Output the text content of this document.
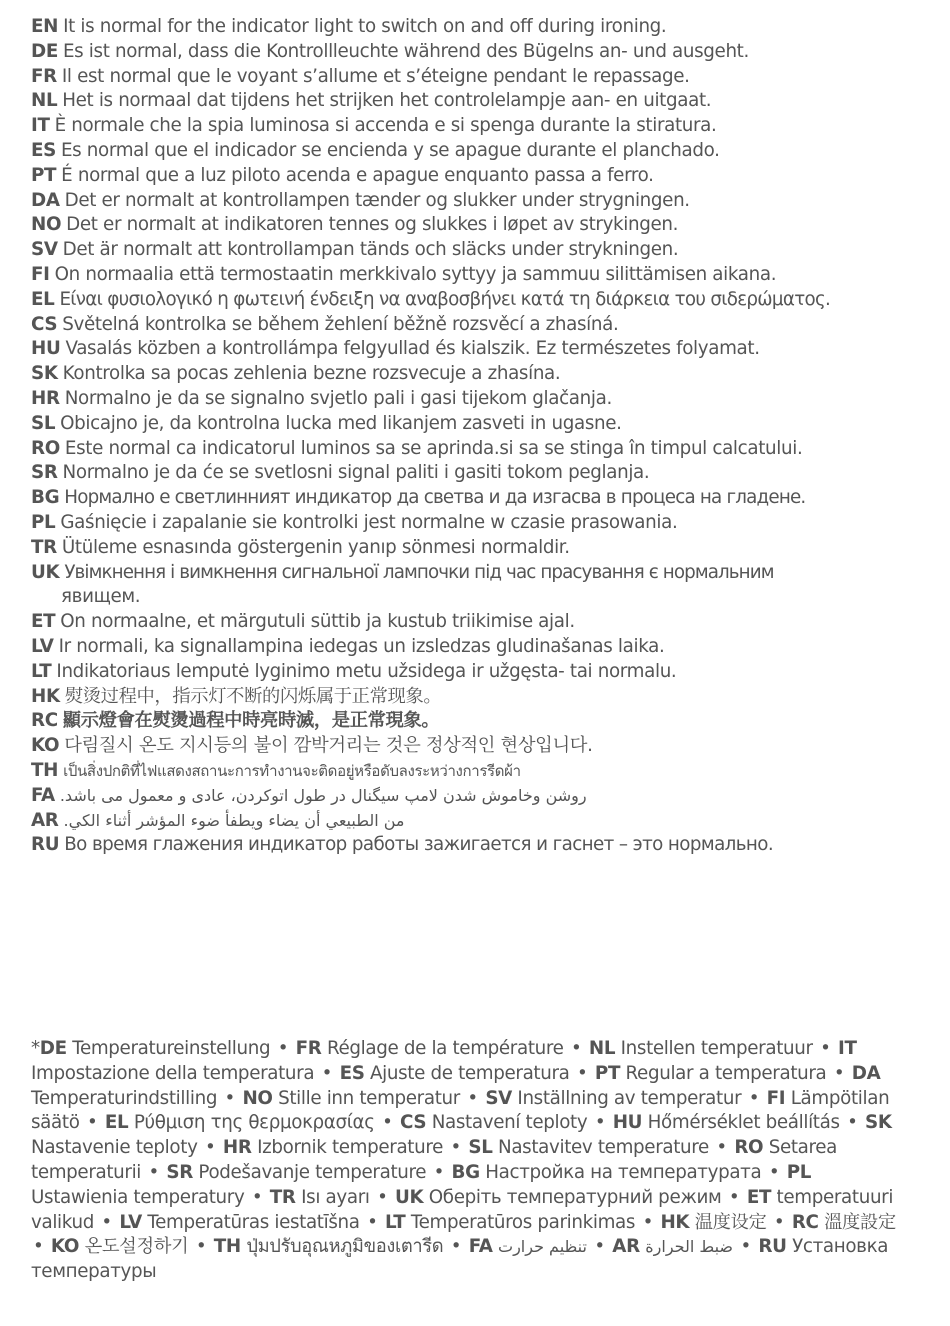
EN It is normal for the indicator light to switch on and off during ironing.
DE Es ist normal, dass die Kontrollleuchte während des Bügelns an- und ausgeht.
FR Il est normal que le voyant s’allume et s’éteigne pendant le repassage.
NL Het is normaal dat tijdens het strijken het controlelampje aan- en uitgaat.
IT È normale che la spia luminosa si accenda e si spenga durante la stiratura.
ES Es normal que el indicador se encienda y se apague durante el planchado.
PT É normal que a luz piloto acenda e apague enquanto passa a ferro.
DA Det er normalt at kontrollampen tænder og slukker under strygningen.
NO Det er normalt at indikatoren tennes og slukkes i løpet av strykingen.
SV Det är normalt att kontrollampan tänds och släcks under strykningen.
FI On normaalia että termostaatin merkkivalo syttyy ja sammuu silittämisen aikana.
EL Είναι φυσιολογικό η φωτεινή ένδειξη να αναβοσβήνει κατά τη διάρκεια του σιδερώματος.
CS Světelná kontrolka se během žehlení běžně rozsvěcí a zhasíná.
HU Vasalás közben a kontrollámpa felgyullad és kialszik. Ez természetes folyamat.
SK Kontrolka sa pocas zehlenia bezne rozsvecuje a zhasína.
HR Normalno je da se signalno svjetlo pali i gasi tijekom glačanja.
SL Obicajno je, da kontrolna lucka med likanjem zasveti in ugasne.
RO Este normal ca indicatorul luminos sa se aprinda.si sa se stinga în timpul calcatului.
SR Normalno je da će se svetlosni signal paliti i gasiti tokom peglanja.
BG Нормално е светлинният индикатор да светва и да изгасва в процеса на гладене.
PL Gaśnięcie i zapalanie sie kontrolki jest normalne w czasie prasowania.
TR Ütüleme esnasında göstergenin yanıp sönmesi normaldir.
UK Увімкнення і вимкнення сигнальної лампочки під час прасування є нормальним
явищем.
ET On normaalne, et märgutuli süttib ja kustub triikimise ajal.
LV Ir normali, ka signallampina iedegas un izsledzas gludinašanas laika.
LT Indikatoriaus lemputė lyginimo metu užsidega ir užgęsta- tai normalu.
HK 熨烫过程中，指示灯不断的闪烁属于正常现象。
RC 顯示燈會在熨燙過程中時亮時滅，是正常現象。
KO 다림질시 온도 지시등의 불이 깜박거리는 것은 정상적인 현상입니다.
TH เป็นสิ่งปกติที่ไฟแสดงสถานะการทำงานจะติดอยู่หรือดับลงระหว่างการรีดผ้า
FA روشن وخاموش شدن لامپ سیگنال در طول اتوکردن، عادی و معمول می باشد.
AR من الطبيعي أن يضاء ويطفأ ضوء المؤشر أثناء الكي.
RU Во время глажения индикатор работы зажигается и гаснет – это нормально.
*DE Temperatureinstellung • FR Réglage de la température • NL Instellen temperatuur • IT Impostazione della temperatura • ES Ajuste de temperatura • PT Regular a temperatura • DA Temperaturindstilling • NO Stille inn temperatur • SV Inställning av temperatur • FI Lämpötilan säätö • EL Ρύθμιση της θερμοκρασίας • CS Nastavení teploty • HU Hőmérséklet beállítás • SK Nastavenie teploty • HR Izbornik temperature • SL Nastavitev temperature • RO Setarea temperaturii • SR Podešavanje temperature • BG Настройка на температурата • PL Ustawienia temperatury • TR Isı ayarı • UK Оберіть температурний режим • ET temperatuuri valikud • LV Temperatūras iestatīšna • LT Temperatūros parinkimas • HK 温度设定 • RC 溫度設定 • KO 온도설정하기 • TH ปุ่มปรับอุณหภูมิของเตารีด • FA تنظیم حرارت • AR ضبط الحرارة • RU Установка температуры
